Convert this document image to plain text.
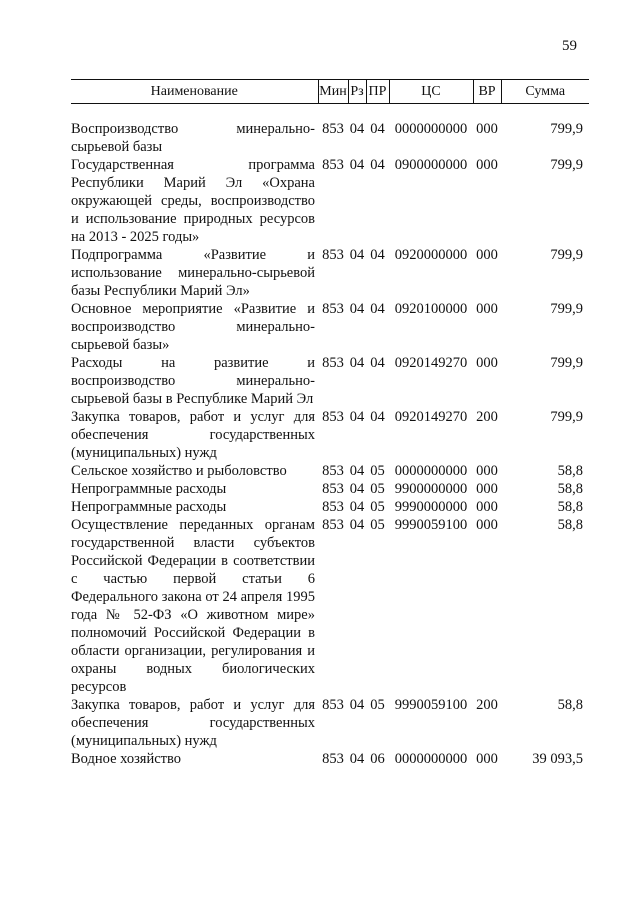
59
Наименование	Мин	Рз	ПР	ЦС	ВР	Сумма

Воспроизводство минерально-сырьевой базы	853	04	04	0000000000	000	799,9
Государственная программа Республики Марий Эл «Охрана окружающей среды, воспроизводство и использование природных ресурсов на 2013 - 2025 годы»	853	04	04	0900000000	000	799,9
Подпрограмма «Развитие и использование минерально-сырьевой базы Республики Марий Эл»	853	04	04	0920000000	000	799,9
Основное мероприятие «Развитие и воспроизводство минерально-сырьевой базы»	853	04	04	0920100000	000	799,9
Расходы на развитие и воспроизводство минерально-сырьевой базы в Республике Марий Эл	853	04	04	0920149270	000	799,9
Закупка товаров, работ и услуг для обеспечения государственных (муниципальных) нужд	853	04	04	0920149270	200	799,9
Сельское хозяйство и рыболовство	853	04	05	0000000000	000	58,8
Непрограммные расходы	853	04	05	9900000000	000	58,8
Непрограммные расходы	853	04	05	9990000000	000	58,8
Осуществление переданных органам государственной власти субъектов Российской Федерации в соответствии с частью первой статьи 6 Федерального закона от 24 апреля 1995 года № 52-ФЗ «О животном мире» полномочий Российской Федерации в области организации, регулирования и охраны водных биологических ресурсов	853	04	05	9990059100	000	58,8
Закупка товаров, работ и услуг для обеспечения государственных (муниципальных) нужд	853	04	05	9990059100	200	58,8
Водное хозяйство	853	04	06	0000000000	000	39 093,5
